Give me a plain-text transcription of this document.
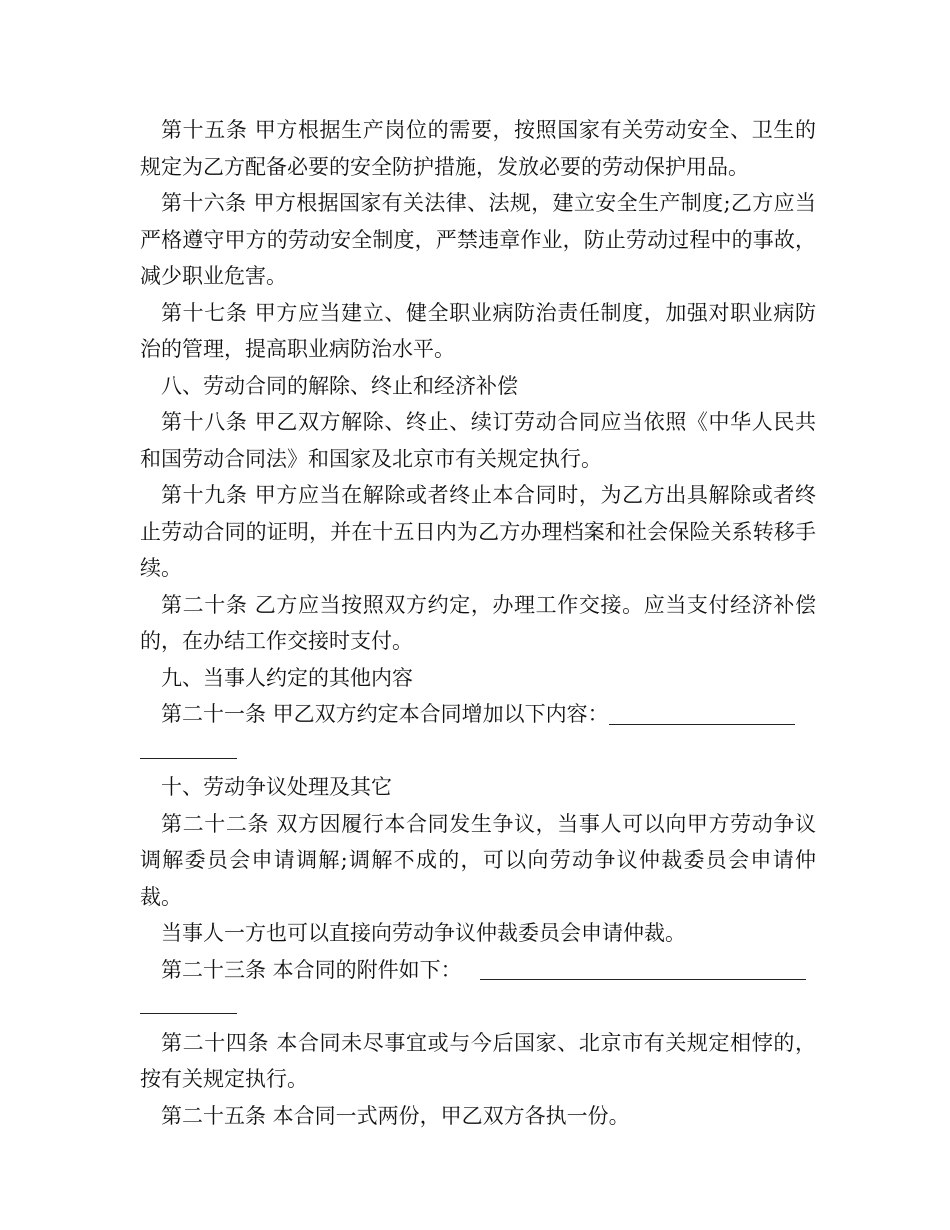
第十五条 甲方根据生产岗位的需要，按照国家有关劳动安全、卫生的规定为乙方配备必要的安全防护措施，发放必要的劳动保护用品。

第十六条 甲方根据国家有关法律、法规，建立安全生产制度;乙方应当严格遵守甲方的劳动安全制度，严禁违章作业，防止劳动过程中的事故，减少职业危害。

第十七条 甲方应当建立、健全职业病防治责任制度，加强对职业病防治的管理，提高职业病防治水平。

八、劳动合同的解除、终止和经济补偿

第十八条 甲乙双方解除、终止、续订劳动合同应当依照《中华人民共和国劳动合同法》和国家及北京市有关规定执行。

第十九条 甲方应当在解除或者终止本合同时，为乙方出具解除或者终止劳动合同的证明，并在十五日内为乙方办理档案和社会保险关系转移手续。

第二十条 乙方应当按照双方约定，办理工作交接。应当支付经济补偿的，在办结工作交接时支付。

九、当事人约定的其他内容

第二十一条 甲乙双方约定本合同增加以下内容：

十、劳动争议处理及其它

第二十二条 双方因履行本合同发生争议，当事人可以向甲方劳动争议调解委员会申请调解;调解不成的，可以向劳动争议仲裁委员会申请仲裁。

当事人一方也可以直接向劳动争议仲裁委员会申请仲裁。

第二十三条 本合同的附件如下：

第二十四条 本合同未尽事宜或与今后国家、北京市有关规定相悖的，按有关规定执行。

第二十五条 本合同一式两份，甲乙双方各执一份。
